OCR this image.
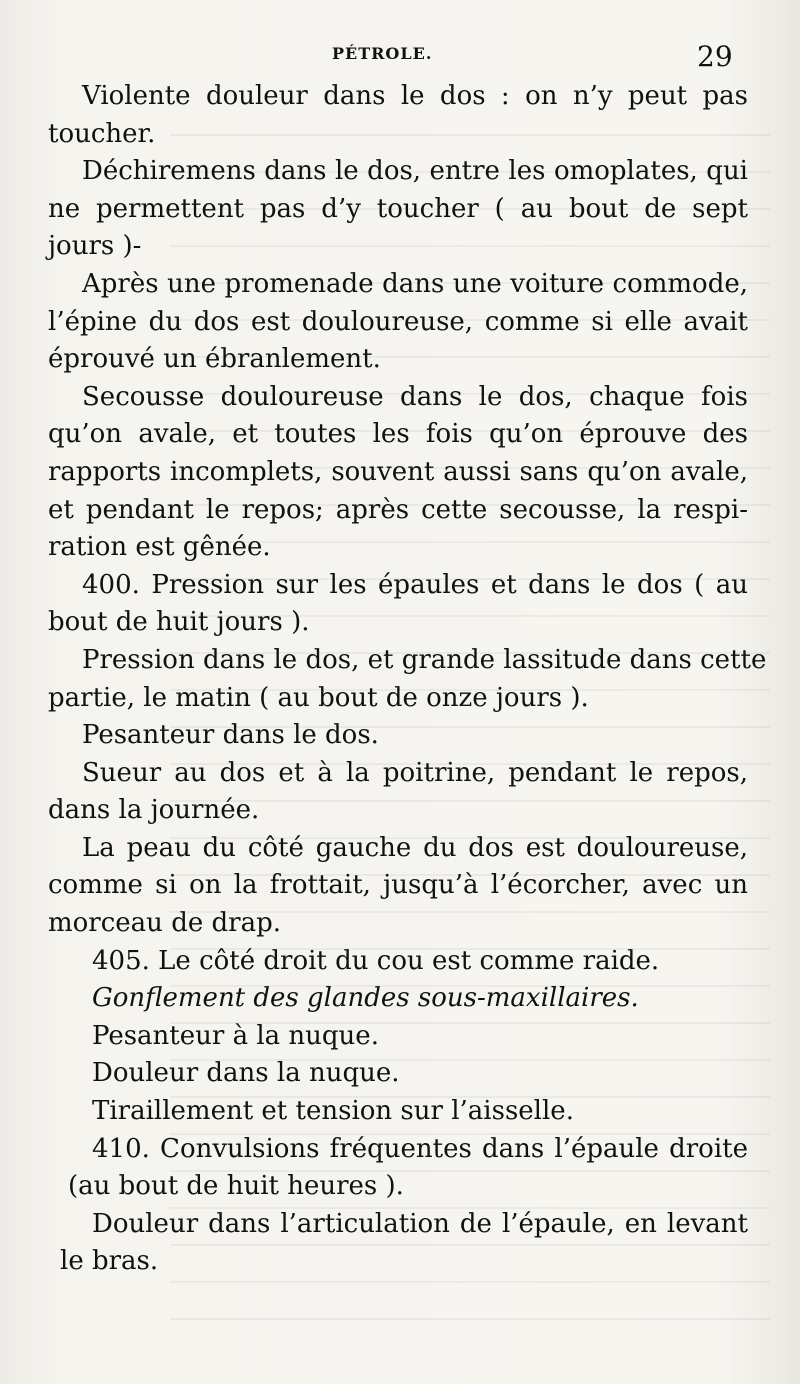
PÉTROLE.	29
Violente douleur dans le dos : on n’y peut pas
toucher.
Déchiremens dans le dos, entre les omoplates, qui
ne permettent pas d’y toucher ( au bout de sept
jours )-
Après une promenade dans une voiture commode,
l’épine du dos est douloureuse, comme si elle avait
éprouvé un ébranlement.
Secousse douloureuse dans le dos, chaque fois
qu’on avale, et toutes les fois qu’on éprouve des
rapports incomplets, souvent aussi sans qu’on avale,
et pendant le repos; après cette secousse, la respi-
ration est gênée.
400. Pression sur les épaules et dans le dos ( au
bout de huit jours ).
Pression dans le dos, et grande lassitude dans cette
partie, le matin ( au bout de onze jours ).
Pesanteur dans le dos.
Sueur au dos et à la poitrine, pendant le repos,
dans la journée.
La peau du côté gauche du dos est douloureuse,
comme si on la frottait, jusqu’à l’écorcher, avec un
morceau de drap.
405. Le côté droit du cou est comme raide.
Gonflement des glandes sous-maxillaires.
Pesanteur à la nuque.
Douleur dans la nuque.
Tiraillement et tension sur l’aisselle.
410. Convulsions fréquentes dans l’épaule droite
(au bout de huit heures ).
Douleur dans l’articulation de l’épaule, en levant
le bras.
